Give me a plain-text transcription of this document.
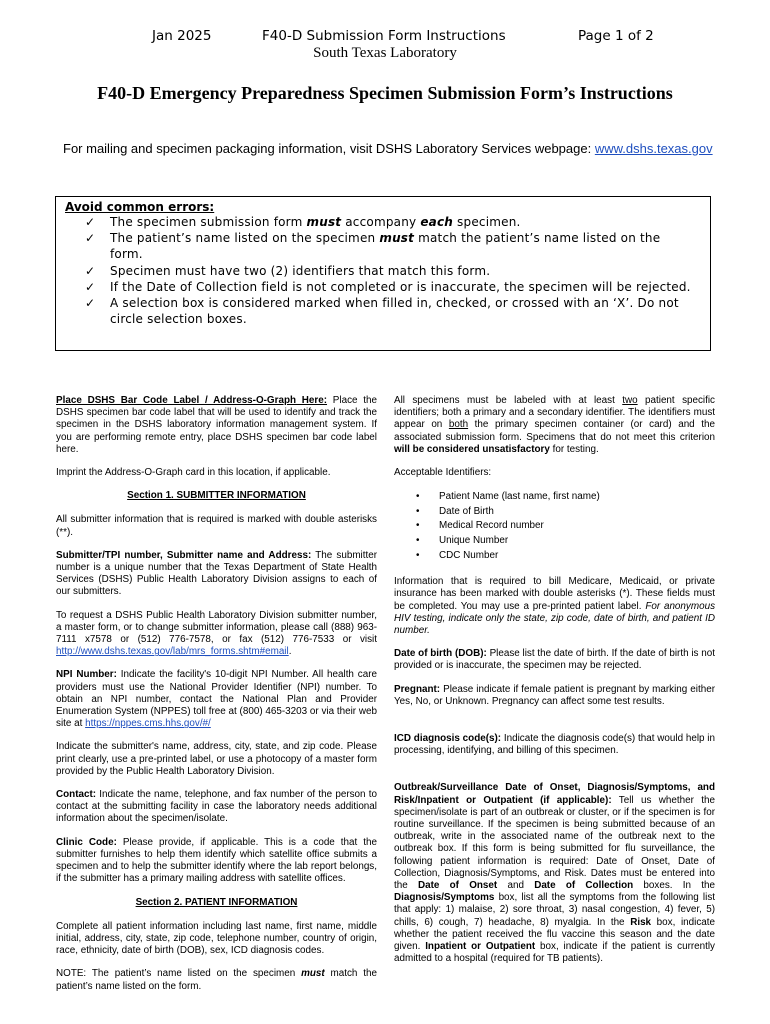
Jan 2025	F40-D Submission Form Instructions	Page 1 of 2
South Texas Laboratory
F40-D Emergency Preparedness Specimen Submission Form’s Instructions
For mailing and specimen packaging information, visit DSHS Laboratory Services webpage: www.dshs.texas.gov
Avoid common errors:
✓ The specimen submission form must accompany each specimen.
✓ The patient’s name listed on the specimen must match the patient’s name listed on the form.
✓ Specimen must have two (2) identifiers that match this form.
✓ If the Date of Collection field is not completed or is inaccurate, the specimen will be rejected.
✓ A selection box is considered marked when filled in, checked, or crossed with an ‘X’. Do not circle selection boxes.

Place DSHS Bar Code Label / Address-O-Graph Here: Place the DSHS specimen bar code label that will be used to identify and track the specimen in the DSHS laboratory information management system. If you are performing remote entry, place DSHS specimen bar code label here.

Imprint the Address-O-Graph card in this location, if applicable.

Section 1. SUBMITTER INFORMATION

All submitter information that is required is marked with double asterisks (**).

Submitter/TPI number, Submitter name and Address: The submitter number is a unique number that the Texas Department of State Health Services (DSHS) Public Health Laboratory Division assigns to each of our submitters.

To request a DSHS Public Health Laboratory Division submitter number, a master form, or to change submitter information, please call (888) 963-7111 x7578 or (512) 776-7578, or fax (512) 776-7533 or visit http://www.dshs.texas.gov/lab/mrs_forms.shtm#email.

NPI Number: Indicate the facility's 10-digit NPI Number. All health care providers must use the National Provider Identifier (NPI) number. To obtain an NPI number, contact the National Plan and Provider Enumeration System (NPPES) toll free at (800) 465-3203 or via their web site at https://nppes.cms.hhs.gov/#/

Indicate the submitter's name, address, city, state, and zip code. Please print clearly, use a pre-printed label, or use a photocopy of a master form provided by the Public Health Laboratory Division.

Contact: Indicate the name, telephone, and fax number of the person to contact at the submitting facility in case the laboratory needs additional information about the specimen/isolate.

Clinic Code: Please provide, if applicable. This is a code that the submitter furnishes to help them identify which satellite office submits a specimen and to help the submitter identify where the lab report belongs, if the submitter has a primary mailing address with satellite offices.

Section 2. PATIENT INFORMATION

Complete all patient information including last name, first name, middle initial, address, city, state, zip code, telephone number, country of origin, race, ethnicity, date of birth (DOB), sex, ICD diagnosis codes.

NOTE: The patient’s name listed on the specimen must match the patient’s name listed on the form.

All specimens must be labeled with at least two patient specific identifiers; both a primary and a secondary identifier. The identifiers must appear on both the primary specimen container (or card) and the associated submission form. Specimens that do not meet this criterion will be considered unsatisfactory for testing.

Acceptable Identifiers:

• Patient Name (last name, first name)
• Date of Birth
• Medical Record number
• Unique Number
• CDC Number

Information that is required to bill Medicare, Medicaid, or private insurance has been marked with double asterisks (*). These fields must be completed. You may use a pre-printed patient label. For anonymous HIV testing, indicate only the state, zip code, date of birth, and patient ID number.

Date of birth (DOB): Please list the date of birth. If the date of birth is not provided or is inaccurate, the specimen may be rejected.

Pregnant: Please indicate if female patient is pregnant by marking either Yes, No, or Unknown. Pregnancy can affect some test results.

ICD diagnosis code(s): Indicate the diagnosis code(s) that would help in processing, identifying, and billing of this specimen.

Outbreak/Surveillance Date of Onset, Diagnosis/Symptoms, and Risk/Inpatient or Outpatient (if applicable): Tell us whether the specimen/isolate is part of an outbreak or cluster, or if the specimen is for routine surveillance. If the specimen is being submitted because of an outbreak, write in the associated name of the outbreak next to the outbreak box. If this form is being submitted for flu surveillance, the following patient information is required: Date of Onset, Date of Collection, Diagnosis/Symptoms, and Risk. Dates must be entered into the Date of Onset and Date of Collection boxes. In the Diagnosis/Symptoms box, list all the symptoms from the following list that apply: 1) malaise, 2) sore throat, 3) nasal congestion, 4) fever, 5) chills, 6) cough, 7) headache, 8) myalgia. In the Risk box, indicate whether the patient received the flu vaccine this season and the date given. Inpatient or Outpatient box, indicate if the patient is currently admitted to a hospital (required for TB patients).
